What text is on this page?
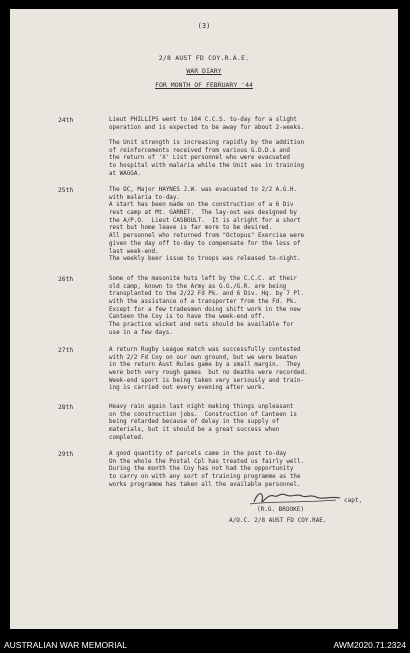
(3)
2/8 AUST FD COY.R.A.E.
WAR DIARY
FOR MONTH OF FEBRUARY '44
24th	Lieut PHILLIPS went to 104 C.C.S. to-day for a slight
operation and is expected to be away for about 2-weeks.
The Unit strength is increasing rapidly by the addition
of reinforcements received from various G.D.D.s and
the return of 'X' List personnel who were evacuated
to hospital with malaria while the Unit was in training
at WAGGA.
25th	The OC, Major HAYNES J.W. was evacuated to 2/2 A.G.H.
with malaria to-day.
A start has been made on the construction of a 6 Div
rest camp at Mt. GARNET.  The lay-out was designed by
the A/P.O.  Lieut CASBOULT.  It is alright for a short
rest but home leave is far more to be desired.
All personnel who returned from "Octopus" Exercise were
given the day off to-day to compensate for the loss of
last week-end.
The weekly beer issue to troops was released to-night.
26th	Some of the masonite huts left by the C.C.C. at their
old camp, known to the Army as G.G./G.R. are being
transplanted to the 2/22 Fd Pk. and 6 Div. Hq. by 7 Pl.
with the assistance of a transporter from the Fd. Pk.
Except for a few tradesmen doing shift work in the new
Canteen the Coy is to have the week-end off.
The practice wicket and nets should be available for
use in a few days.
27th	A return Rugby League match was successfully contested
with 2/2 Fd Coy on our own ground, but we were beaten
in the return Aust Rules game by a small margin.  They
were both very rough games  but no deaths were recorded.
Week-end sport is being taken very seriously and train-
ing is carried out every evening after work.
28th	Heavy rain again last night making things unpleasant
on the construction jobs.  Construction of Canteen is
being retarded because of delay in the supply of
materials, but it should be a great success when
completed.
29th	A good quantity of parcels came in the post to-day
On the whole the Postal Cpl has treated us fairly well.
During the month the Coy has not had the opportunity
to carry on with any sort of training programme as the
works programme has taken all the available personnel.
capt,
(R.G. BROOKE)
A/O.C. 2/8 AUST FD COY.RAE.
AUSTRALIAN WAR MEMORIAL	AWM2020.71.2324
